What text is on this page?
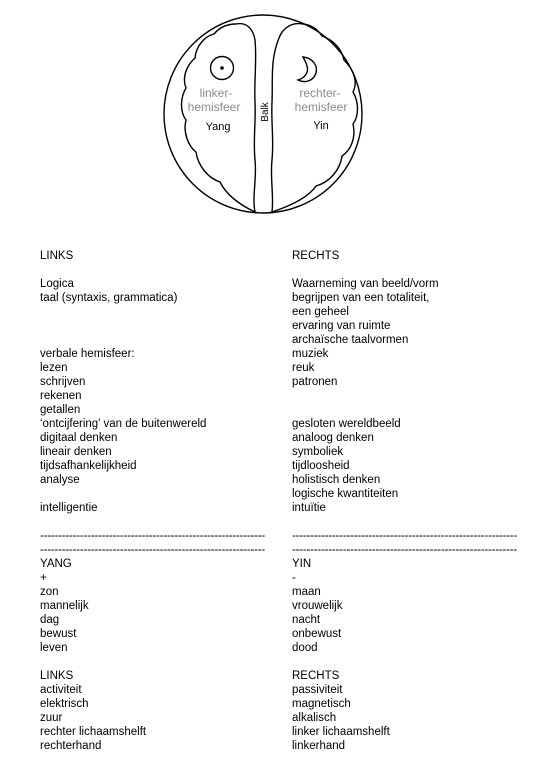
linker-
hemisfeer
Yang
rechter-
hemisfeer
Yin
Balk
LINKS
Logica
taal (syntaxis, grammatica)
verbale hemisfeer:
lezen
schrijven
rekenen
getallen
‘ontcijfering’ van de buitenwereld
digitaal denken
lineair denken
tijdsafhankelijkheid
analyse
intelligentie
--------------------------------------------------------------
--------------------------------------------------------------
YANG
+
zon
mannelijk
dag
bewust
leven
LINKS
activiteit
elektrisch
zuur
rechter lichaamshelft
rechterhand
RECHTS
Waarneming van beeld/vorm
begrijpen van een totaliteit,
een geheel
ervaring van ruimte
archaïsche taalvormen
muziek
reuk
patronen
gesloten wereldbeeld
analoog denken
symboliek
tijdloosheid
holistisch denken
logische kwantiteiten
intuïtie
--------------------------------------------------------------
--------------------------------------------------------------
YIN
-
maan
vrouwelijk
nacht
onbewust
dood
RECHTS
passiviteit
magnetisch
alkalisch
linker lichaamshelft
linkerhand
